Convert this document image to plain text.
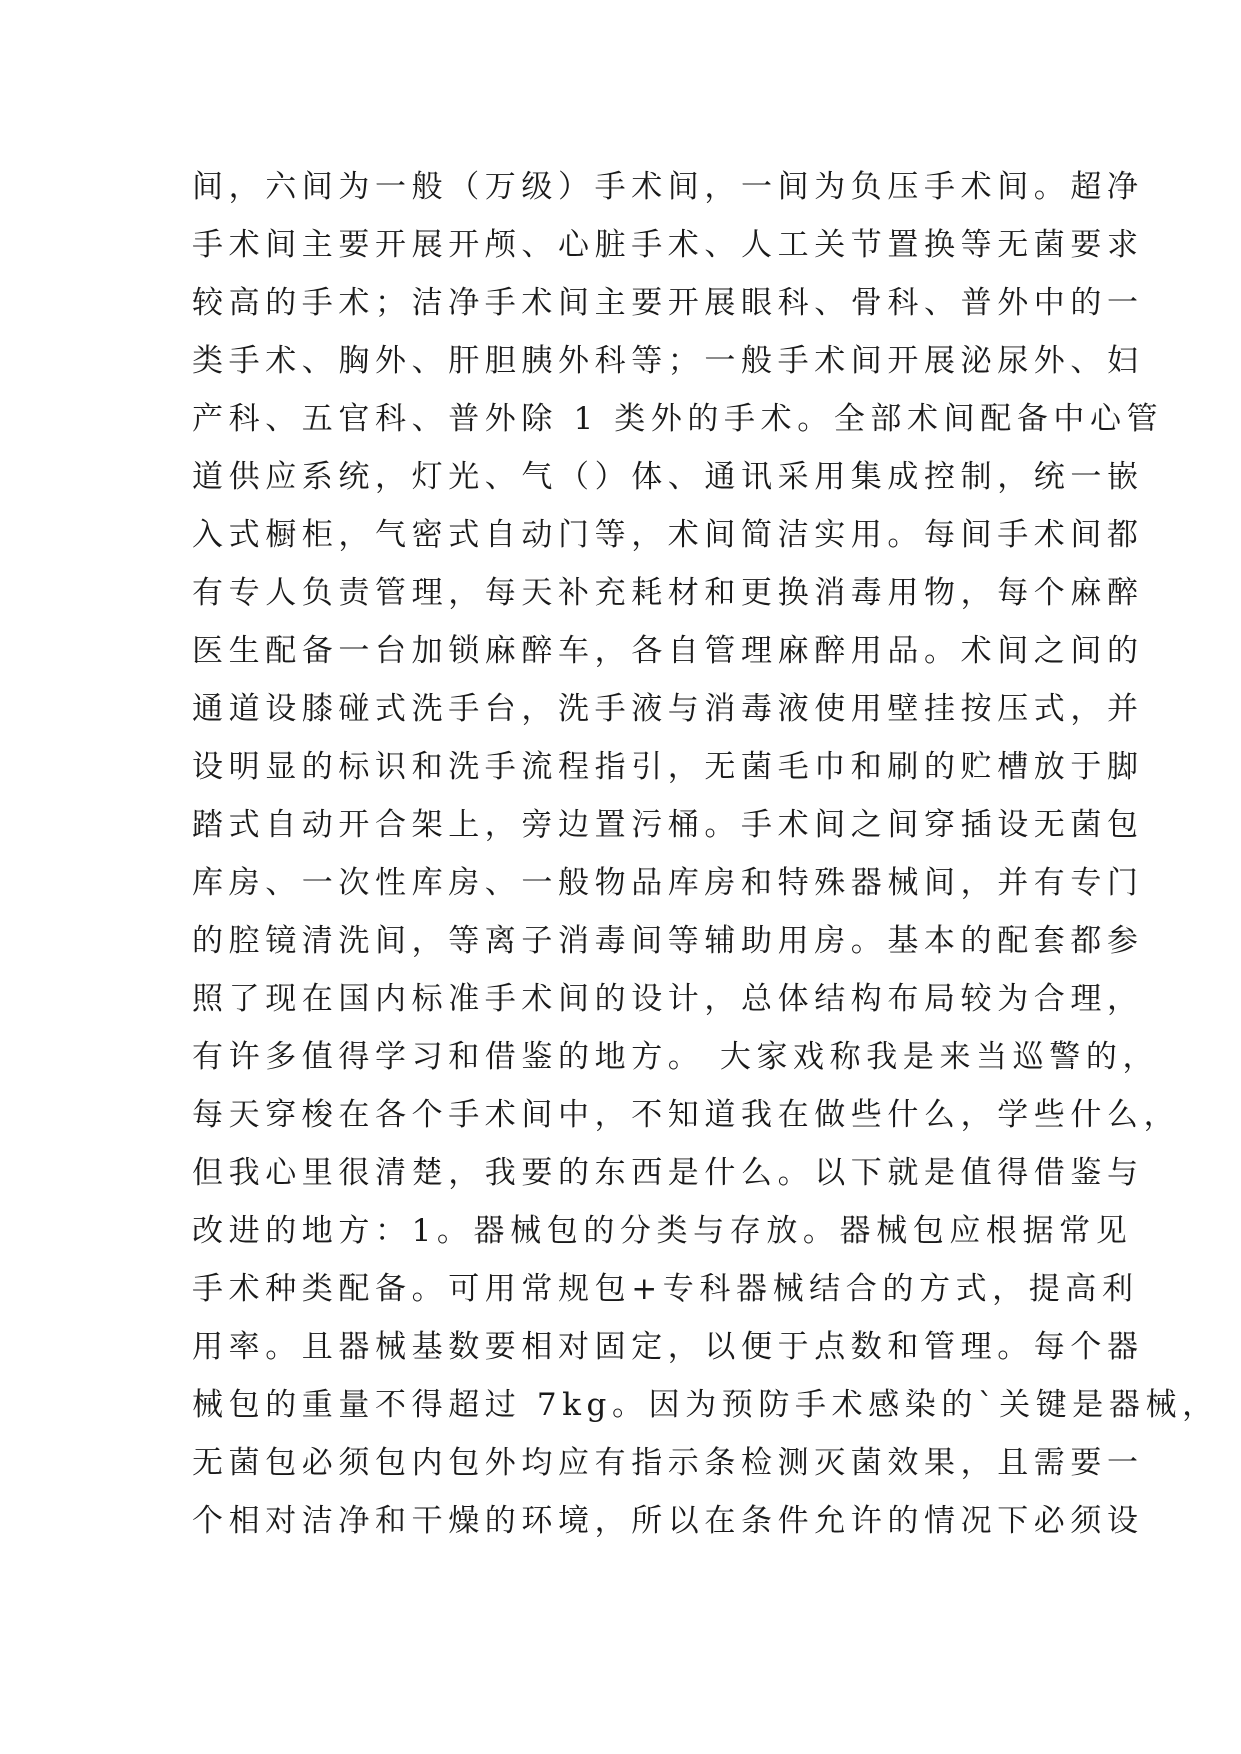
间，六间为一般（万级）手术间，一间为负压手术间。超净
手术间主要开展开颅、心脏手术、人工关节置换等无菌要求
较高的手术；洁净手术间主要开展眼科、骨科、普外中的一
类手术、胸外、肝胆胰外科等；一般手术间开展泌尿外、妇
产科、五官科、普外除 1 类外的手术。全部术间配备中心管
道供应系统，灯光、气（）体、通讯采用集成控制，统一嵌
入式橱柜，气密式自动门等，术间简洁实用。每间手术间都
有专人负责管理，每天补充耗材和更换消毒用物，每个麻醉
医生配备一台加锁麻醉车，各自管理麻醉用品。术间之间的
通道设膝碰式洗手台，洗手液与消毒液使用壁挂按压式，并
设明显的标识和洗手流程指引，无菌毛巾和刷的贮槽放于脚
踏式自动开合架上，旁边置污桶。手术间之间穿插设无菌包
库房、一次性库房、一般物品库房和特殊器械间，并有专门
的腔镜清洗间，等离子消毒间等辅助用房。基本的配套都参
照了现在国内标准手术间的设计，总体结构布局较为合理，
有许多值得学习和借鉴的地方。 大家戏称我是来当巡警的，
每天穿梭在各个手术间中，不知道我在做些什么，学些什么，
但我心里很清楚，我要的东西是什么。以下就是值得借鉴与
改进的地方：1。器械包的分类与存放。器械包应根据常见
手术种类配备。可用常规包+专科器械结合的方式，提高利
用率。且器械基数要相对固定，以便于点数和管理。每个器
械包的重量不得超过 7kg。因为预防手术感染的`关键是器械，
无菌包必须包内包外均应有指示条检测灭菌效果，且需要一
个相对洁净和干燥的环境，所以在条件允许的情况下必须设
